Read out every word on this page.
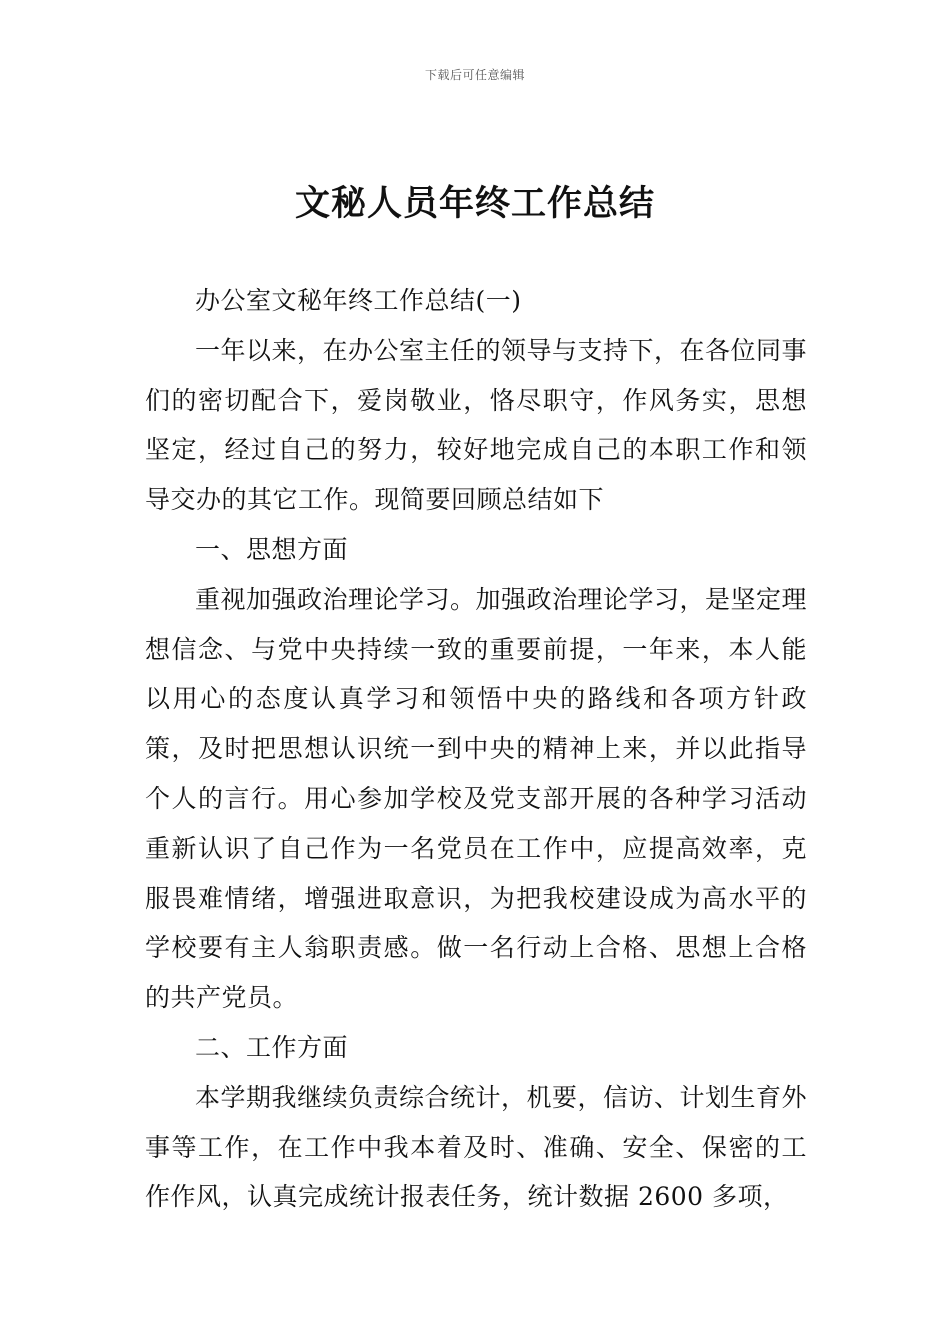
下载后可任意编辑
文秘人员年终工作总结

办公室文秘年终工作总结(一)

一年以来，在办公室主任的领导与支持下，在各位同事们的密切配合下，爱岗敬业，恪尽职守，作风务实，思想坚定，经过自己的努力，较好地完成自己的本职工作和领导交办的其它工作。现简要回顾总结如下

一、思想方面

重视加强政治理论学习。加强政治理论学习，是坚定理想信念、与党中央持续一致的重要前提，一年来，本人能以用心的态度认真学习和领悟中央的路线和各项方针政策，及时把思想认识统一到中央的精神上来，并以此指导个人的言行。用心参加学校及党支部开展的各种学习活动重新认识了自己作为一名党员在工作中，应提高效率，克服畏难情绪，增强进取意识，为把我校建设成为高水平的学校要有主人翁职责感。做一名行动上合格、思想上合格的共产党员。

二、工作方面

本学期我继续负责综合统计，机要，信访、计划生育外事等工作，在工作中我本着及时、准确、安全、保密的工作作风，认真完成统计报表任务，统计数据 2600 多项，
